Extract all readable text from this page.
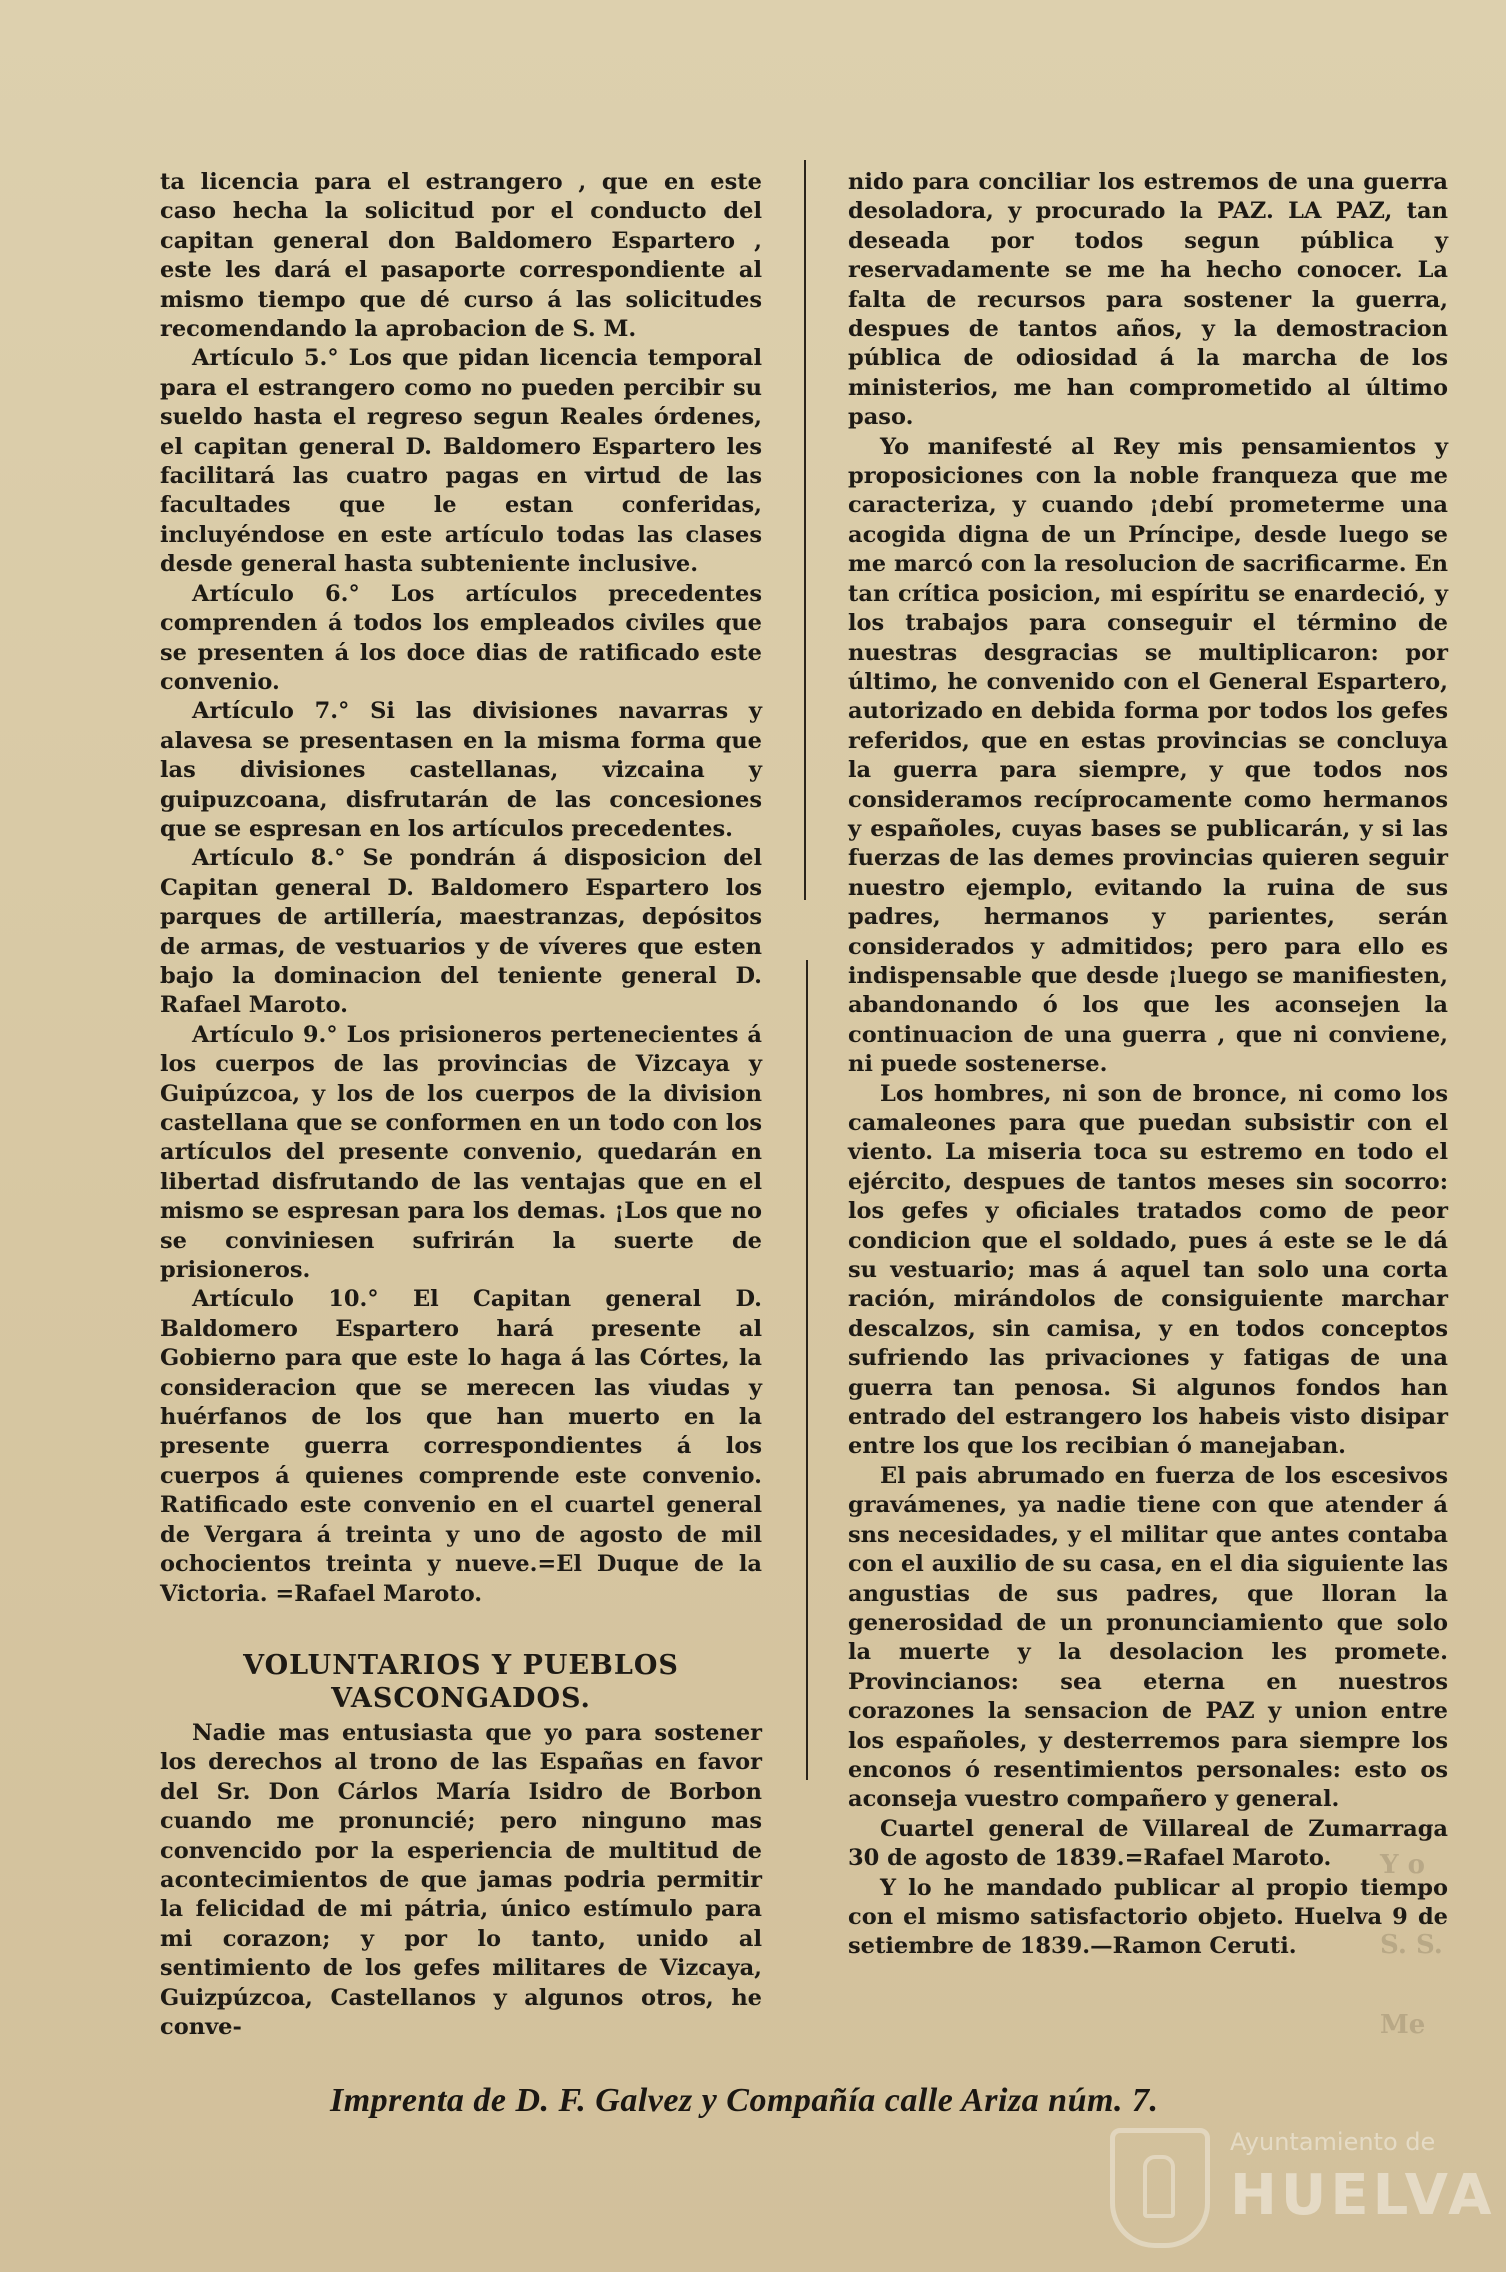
ta licencia para el estrangero , que en este caso hecha la solicitud por el conducto del capitan general don Baldomero Espartero , este les dará el pasaporte correspondiente al mismo tiempo que dé curso á las solicitudes recomendando la aprobacion de S. M.

Artículo 5.° Los que pidan licencia temporal para el estrangero como no pueden percibir su sueldo hasta el regreso segun Reales órdenes, el capitan general D. Baldomero Espartero les facilitará las cuatro pagas en virtud de las facultades que le estan conferidas, incluyéndose en este artículo todas las clases desde general hasta subteniente inclusive.

Artículo 6.° Los artículos precedentes comprenden á todos los empleados civiles que se presenten á los doce dias de ratificado este convenio.

Artículo 7.° Si las divisiones navarras y alavesa se presentasen en la misma forma que las divisiones castellanas, vizcaina y guipuzcoana, disfrutarán de las concesiones que se espresan en los artículos precedentes.

Artículo 8.° Se pondrán á disposicion del Capitan general D. Baldomero Espartero los parques de artillería, maestranzas, depósitos de armas, de vestuarios y de víveres que esten bajo la dominacion del teniente general D. Rafael Maroto.

Artículo 9.° Los prisioneros pertenecientes á los cuerpos de las provincias de Vizcaya y Guipúzcoa, y los de los cuerpos de la division castellana que se conformen en un todo con los artículos del presente convenio, quedarán en libertad disfrutando de las ventajas que en el mismo se espresan para los demas. ¡Los que no se conviniesen sufrirán la suerte de prisioneros.

Artículo 10.° El Capitan general D. Baldomero Espartero hará presente al Gobierno para que este lo haga á las Córtes, la consideracion que se merecen las viudas y huérfanos de los que han muerto en la presente guerra correspondientes á los cuerpos á quienes comprende este convenio. Ratificado este convenio en el cuartel general de Vergara á treinta y uno de agosto de mil ochocientos treinta y nueve.=El Duque de la Victoria. =Rafael Maroto.

VOLUNTARIOS Y PUEBLOS VASCONGADOS.

Nadie mas entusiasta que yo para sostener los derechos al trono de las Españas en favor del Sr. Don Cárlos María Isidro de Borbon cuando me pronuncié; pero ninguno mas convencido por la esperiencia de multitud de acontecimientos de que jamas podria permitir la felicidad de mi pátria, único estímulo para mi corazon; y por lo tanto, unido al sentimiento de los gefes militares de Vizcaya, Guizpúzcoa, Castellanos y algunos otros, he conve-

nido para conciliar los estremos de una guerra desoladora, y procurado la PAZ. LA PAZ, tan deseada por todos segun pública y reservadamente se me ha hecho conocer. La falta de recursos para sostener la guerra, despues de tantos años, y la demostracion pública de odiosidad á la marcha de los ministerios, me han comprometido al último paso.

Yo manifesté al Rey mis pensamientos y proposiciones con la noble franqueza que me caracteriza, y cuando ¡debí prometerme una acogida digna de un Príncipe, desde luego se me marcó con la resolucion de sacrificarme. En tan crítica posicion, mi espíritu se enardeció, y los trabajos para conseguir el término de nuestras desgracias se multiplicaron: por último, he convenido con el General Espartero, autorizado en debida forma por todos los gefes referidos, que en estas provincias se concluya la guerra para siempre, y que todos nos consideramos recíprocamente como hermanos y españoles, cuyas bases se publicarán, y si las fuerzas de las demes provincias quieren seguir nuestro ejemplo, evitando la ruina de sus padres, hermanos y parientes, serán considerados y admitidos; pero para ello es indispensable que desde ¡luego se manifiesten, abandonando ó los que les aconsejen la continuacion de una guerra , que ni conviene, ni puede sostenerse.

Los hombres, ni son de bronce, ni como los camaleones para que puedan subsistir con el viento. La miseria toca su estremo en todo el ejército, despues de tantos meses sin socorro: los gefes y oficiales tratados como de peor condicion que el soldado, pues á este se le dá su vestuario; mas á aquel tan solo una corta ración, mirándolos de consiguiente marchar descalzos, sin camisa, y en todos conceptos sufriendo las privaciones y fatigas de una guerra tan penosa. Si algunos fondos han entrado del estrangero los habeis visto disipar entre los que los recibian ó manejaban.

El pais abrumado en fuerza de los escesivos gravámenes, ya nadie tiene con que atender á sns necesidades, y el militar que antes contaba con el auxilio de su casa, en el dia siguiente las angustias de sus padres, que lloran la generosidad de un pronunciamiento que solo la muerte y la desolacion les promete. Provincianos: sea eterna en nuestros corazones la sensacion de PAZ y union entre los españoles, y desterremos para siempre los enconos ó resentimientos personales: esto os aconseja vuestro compañero y general.

Cuartel general de Villareal de Zumarraga 30 de agosto de 1839.=Rafael Maroto.

Y lo he mandado publicar al propio tiempo con el mismo satisfactorio objeto. Huelva 9 de setiembre de 1839.—Ramon Ceruti.

Y o
S. S.
Me
Imprenta de D. F. Galvez y Compañía calle Ariza núm. 7.
Ayuntamiento de
HUELVA
